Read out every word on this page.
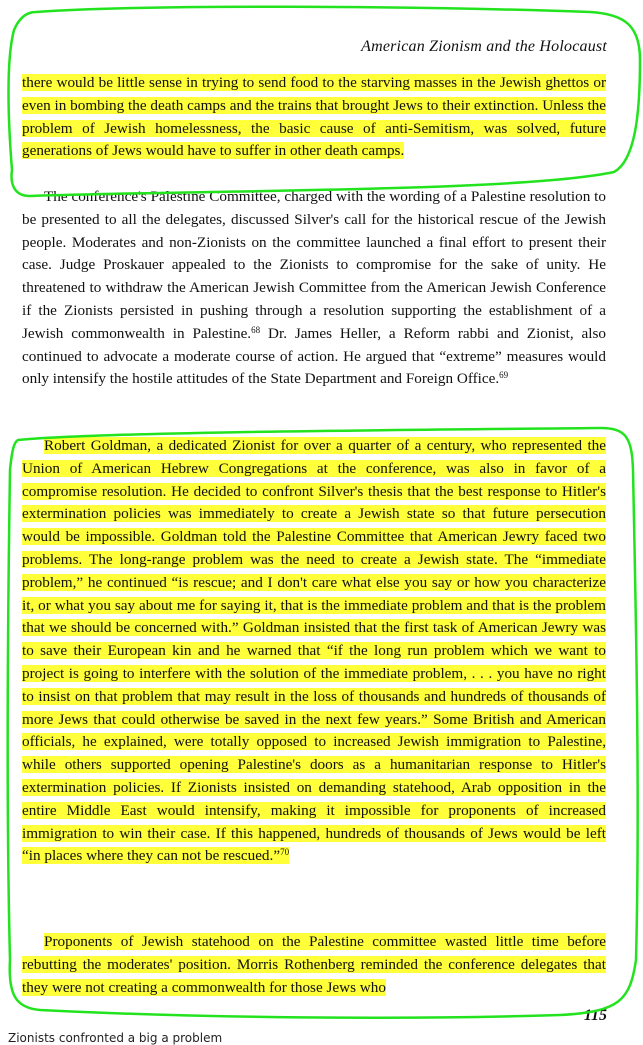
American Zionism and the Holocaust

there would be little sense in trying to send food to the starving masses in the Jewish ghettos or even in bombing the death camps and the trains that brought Jews to their extinction. Unless the problem of Jewish homelessness, the basic cause of anti-Semitism, was solved, future generations of Jews would have to suffer in other death camps.

The conference's Palestine Committee, charged with the wording of a Palestine resolution to be presented to all the delegates, discussed Silver's call for the historical rescue of the Jewish people. Moderates and non-Zionists on the committee launched a final effort to present their case. Judge Proskauer appealed to the Zionists to compromise for the sake of unity. He threatened to withdraw the American Jewish Committee from the American Jewish Conference if the Zionists persisted in pushing through a resolution supporting the establishment of a Jewish commonwealth in Palestine.$^{68}$ Dr. James Heller, a Reform rabbi and Zionist, also continued to advocate a moderate course of action. He argued that “extreme” measures would only intensify the hostile attitudes of the State Department and Foreign Office.$^{69}$

Robert Goldman, a dedicated Zionist for over a quarter of a century, who represented the Union of American Hebrew Congregations at the conference, was also in favor of a compromise resolution. He decided to confront Silver's thesis that the best response to Hitler's extermination policies was immediately to create a Jewish state so that future persecution would be impossible. Goldman told the Palestine Committee that American Jewry faced two problems. The long-range problem was the need to create a Jewish state. The “immediate problem,” he continued “is rescue; and I don't care what else you say or how you characterize it, or what you say about me for saying it, that is the immediate problem and that is the problem that we should be concerned with.” Goldman insisted that the first task of American Jewry was to save their European kin and he warned that “if the long run problem which we want to project is going to interfere with the solution of the immediate problem, . . . you have no right to insist on that problem that may result in the loss of thousands and hundreds of thousands of more Jews that could otherwise be saved in the next few years.” Some British and American officials, he explained, were totally opposed to increased Jewish immigration to Palestine, while others supported opening Palestine's doors as a humanitarian response to Hitler's extermination policies. If Zionists insisted on demanding statehood, Arab opposition in the entire Middle East would intensify, making it impossible for proponents of increased immigration to win their case. If this happened, hundreds of thousands of Jews would be left “in places where they can not be rescued.”$^{70}$

Proponents of Jewish statehood on the Palestine committee wasted little time before rebutting the moderates' position. Morris Rothenberg reminded the conference delegates that they were not creating a commonwealth for those Jews who

115
Zionists confronted a big a problem
